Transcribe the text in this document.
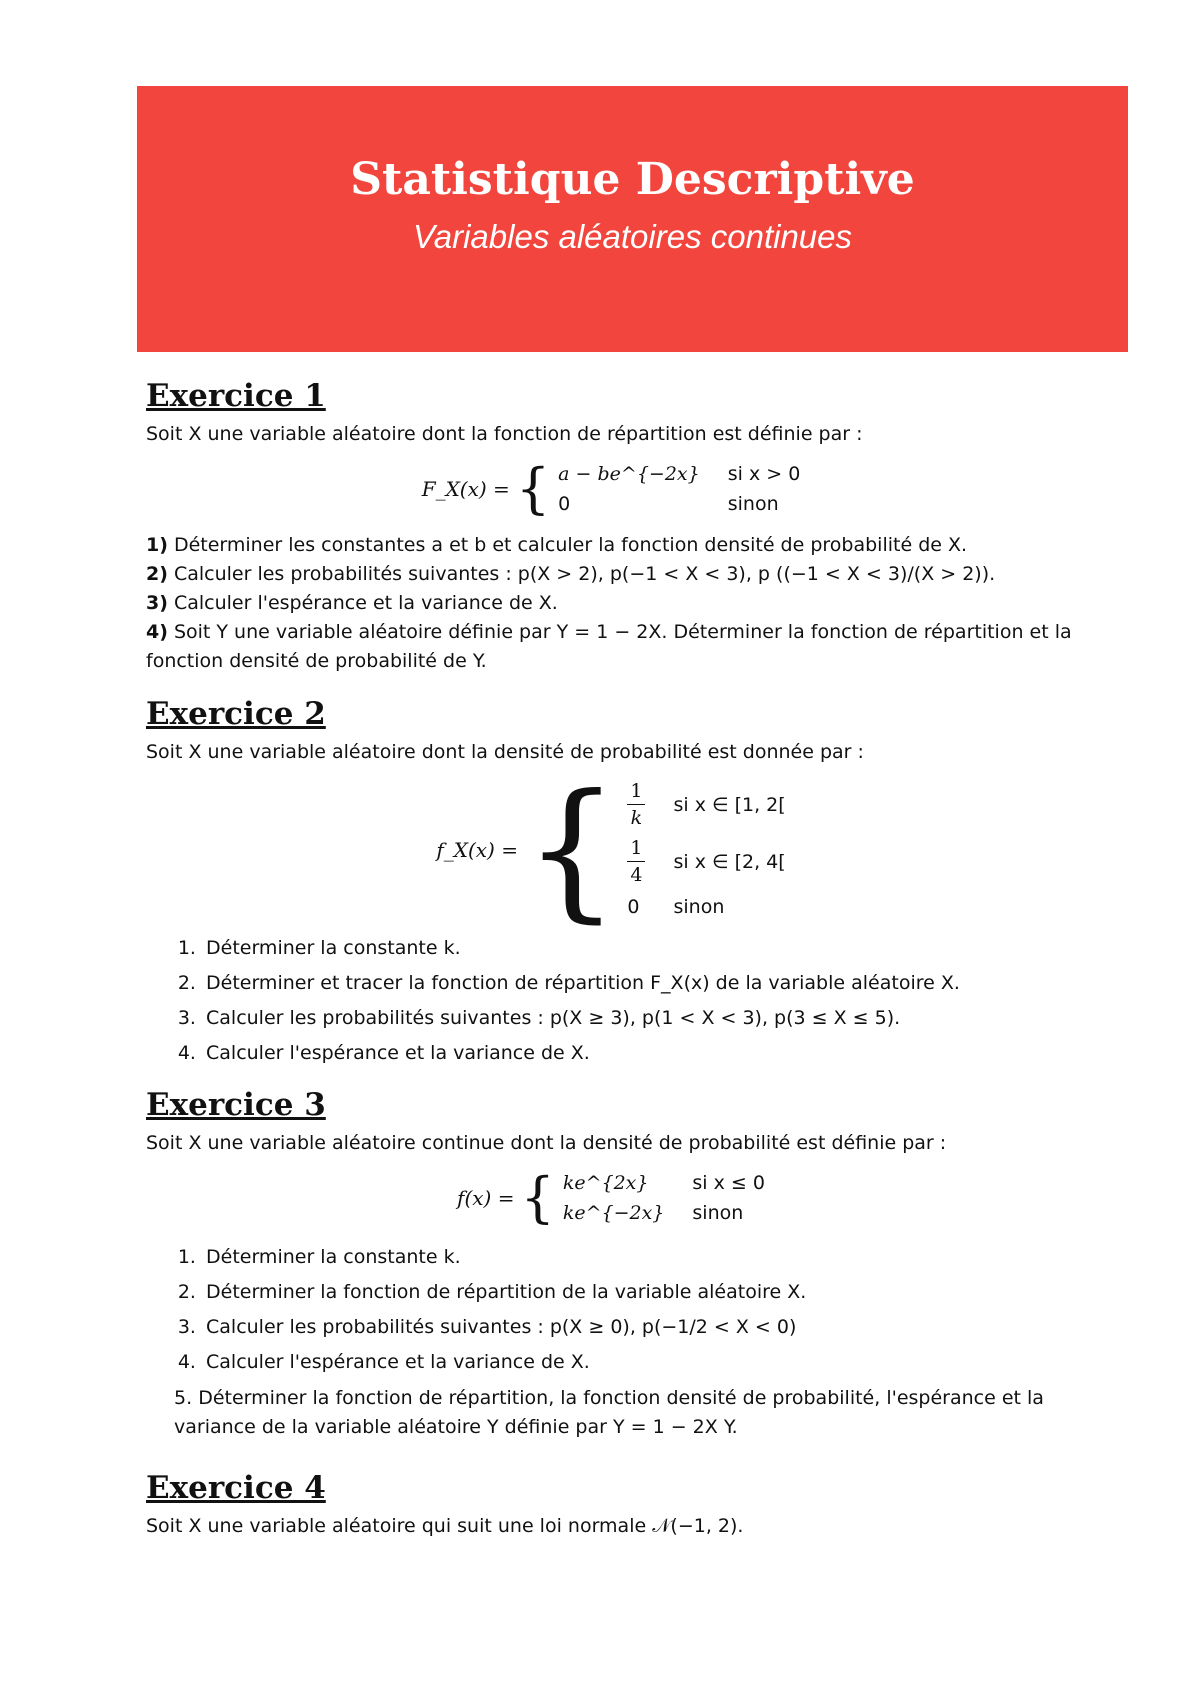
Statistique Descriptive
Variables aléatoires continues
Exercice 1

Soit X une variable aléatoire dont la fonction de répartition est définie par :

F_X(x) = { a − be^{−2x} si x > 0
0	sinon

1) Déterminer les constantes a et b et calculer la fonction densité de probabilité de X.

2) Calculer les probabilités suivantes : p(X > 2), p(−1 < X < 3), p ((−1 < X < 3)/(X > 2)).

3) Calculer l'espérance et la variance de X.

4) Soit Y une variable aléatoire définie par Y = 1 − 2X. Déterminer la fonction de répartition et la fonction densité de probabilité de Y.

Exercice 2

Soit X une variable aléatoire dont la densité de probabilité est donnée par :

f_X(x) = { $\frac{1}{k}$ si x ∈ [1, 2[
$\frac{1}{4}$ si x ∈ [2, 4[
0	sinon
1. Déterminer la constante k.
2. Déterminer et tracer la fonction de répartition F_X(x) de la variable aléatoire X.
3. Calculer les probabilités suivantes : p(X ≥ 3), p(1 < X < 3), p(3 ≤ X ≤ 5).
4. Calculer l'espérance et la variance de X.
Exercice 3

Soit X une variable aléatoire continue dont la densité de probabilité est définie par :

f(x) = { ke^{2x}	si x ≤ 0
ke^{−2x} sinon
1. Déterminer la constante k.
2. Déterminer la fonction de répartition de la variable aléatoire X.
3. Calculer les probabilités suivantes : p(X ≥ 0), p(−1/2 < X < 0)
4. Calculer l'espérance et la variance de X.

5. Déterminer la fonction de répartition, la fonction densité de probabilité, l'espérance et la variance de la variable aléatoire Y définie par Y = 1 − 2X Y.

Exercice 4

Soit X une variable aléatoire qui suit une loi normale 𝒩(−1, 2).
